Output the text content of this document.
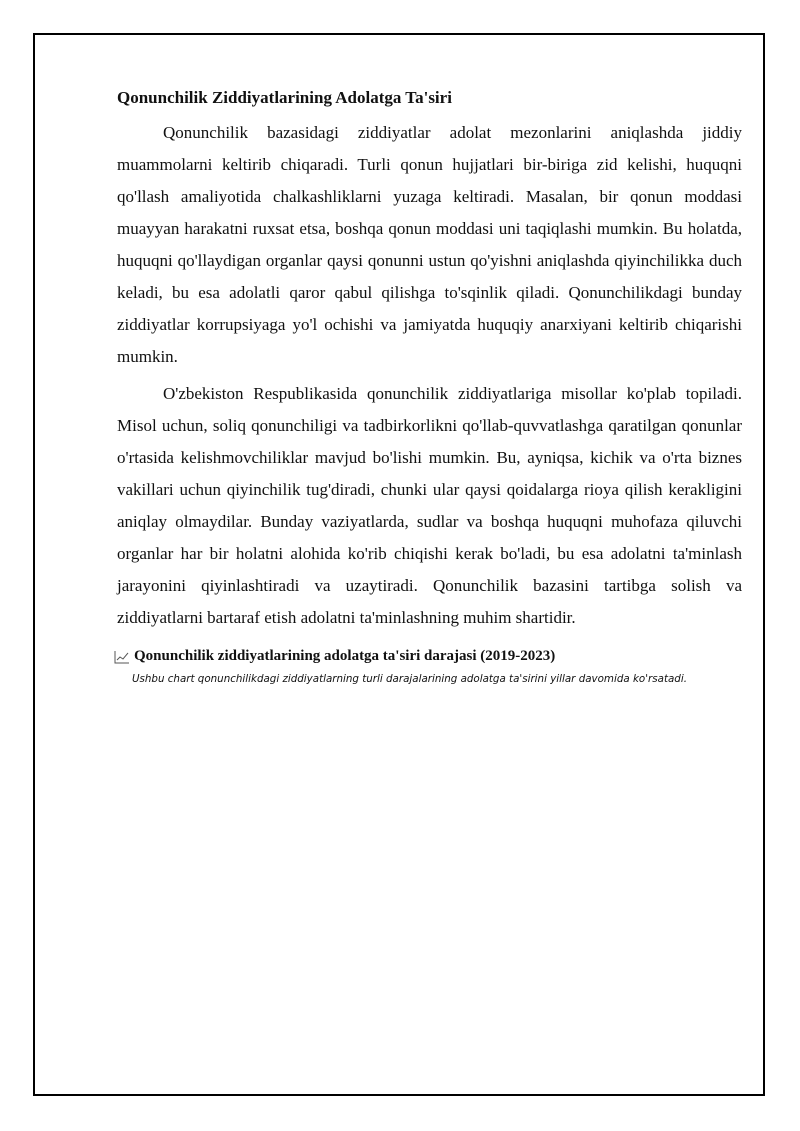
Qonunchilik Ziddiyatlarining Adolatga Ta'siri

Qonunchilik bazasidagi ziddiyatlar adolat mezonlarini aniqlashda jiddiy muammolarni keltirib chiqaradi. Turli qonun hujjatlari bir-biriga zid kelishi, huquqni qo'llash amaliyotida chalkashliklarni yuzaga keltiradi. Masalan, bir qonun moddasi muayyan harakatni ruxsat etsa, boshqa qonun moddasi uni taqiqlashi mumkin. Bu holatda, huquqni qo'llaydigan organlar qaysi qonunni ustun qo'yishni aniqlashda qiyinchilikka duch keladi, bu esa adolatli qaror qabul qilishga to'sqinlik qiladi. Qonunchilikdagi bunday ziddiyatlar korrupsiyaga yo'l ochishi va jamiyatda huquqiy anarxiyani keltirib chiqarishi mumkin.

O'zbekiston Respublikasida qonunchilik ziddiyatlariga misollar ko'plab topiladi. Misol uchun, soliq qonunchiligi va tadbirkorlikni qo'llab-quvvatlashga qaratilgan qonunlar o'rtasida kelishmovchiliklar mavjud bo'lishi mumkin. Bu, ayniqsa, kichik va o'rta biznes vakillari uchun qiyinchilik tug'diradi, chunki ular qaysi qoidalarga rioya qilish kerakligini aniqlay olmaydilar. Bunday vaziyatlarda, sudlar va boshqa huquqni muhofaza qiluvchi organlar har bir holatni alohida ko'rib chiqishi kerak bo'ladi, bu esa adolatni ta'minlash jarayonini qiyinlashtiradi va uzaytiradi. Qonunchilik bazasini tartibga solish va ziddiyatlarni bartaraf etish adolatni ta'minlashning muhim shartidir.

Qonunchilik ziddiyatlarining adolatga ta'siri darajasi (2019-2023)
Ushbu chart qonunchilikdagi ziddiyatlarning turli darajalarining adolatga ta'sirini yillar davomida ko'rsatadi.
